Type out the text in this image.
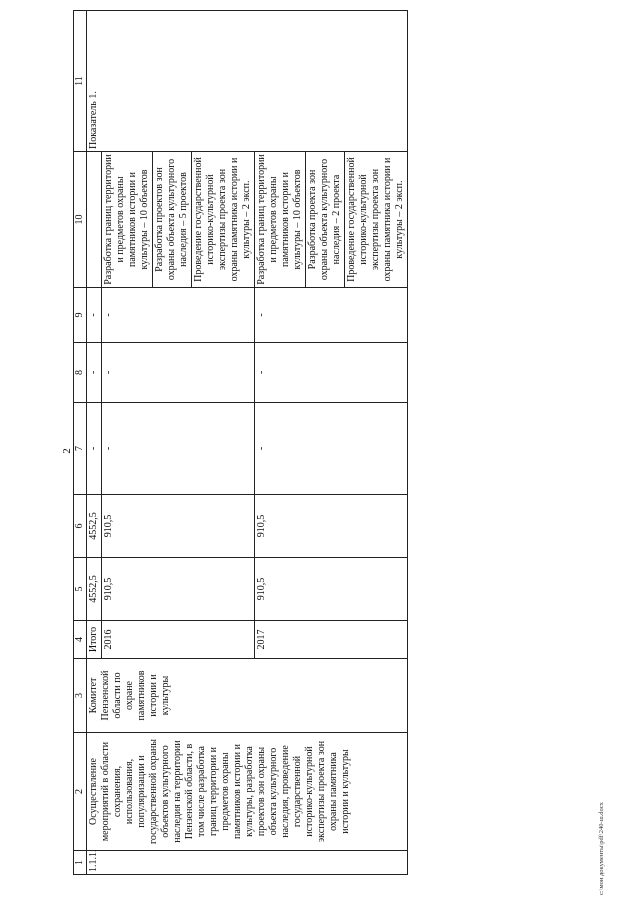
2
1	2	3	4	5	6	7	8	9	10	11
1.1.1.	Осуществление мероприятий в области сохранения, использования, популяризации и государственной охраны объектов культурного наследия на территории Пензенской области, в том числе разработка границ территории и предметов охраны памятников истории и культуры, разработка проектов зон охраны объекта культурного наследия, проведение государственной историко-культурной экспертизы проекта зон охраны памятника истории и культуры	Комитет Пензенской области по охране памятников истории и культуры	Итого	4552,5	4552,5	-	-	-		Показатель 1.
			2016	910,5	910,5	-	-	-	Разработка границ территории и предметов охраны памятников истории и культуры – 10 объектов Разработка проектов зон охраны объекта культурного наследия – 5 проектов Проведение государственной историко-культурной экспертизы проекта зон охраны памятника истории и культуры – 2 эксп.	

			2017	910,5	910,5	-	-	-	Разработка границ территории и предметов охраны памятников истории и культуры – 10 объектов Разработка проекта зон охраны объекта культурного наследия – 2 проекта Проведение государственной историко-культурной экспертизы проекта зон охраны памятника истории и культуры – 2 эксп.	
c:\мои документы\pdf\240-ш.docx
